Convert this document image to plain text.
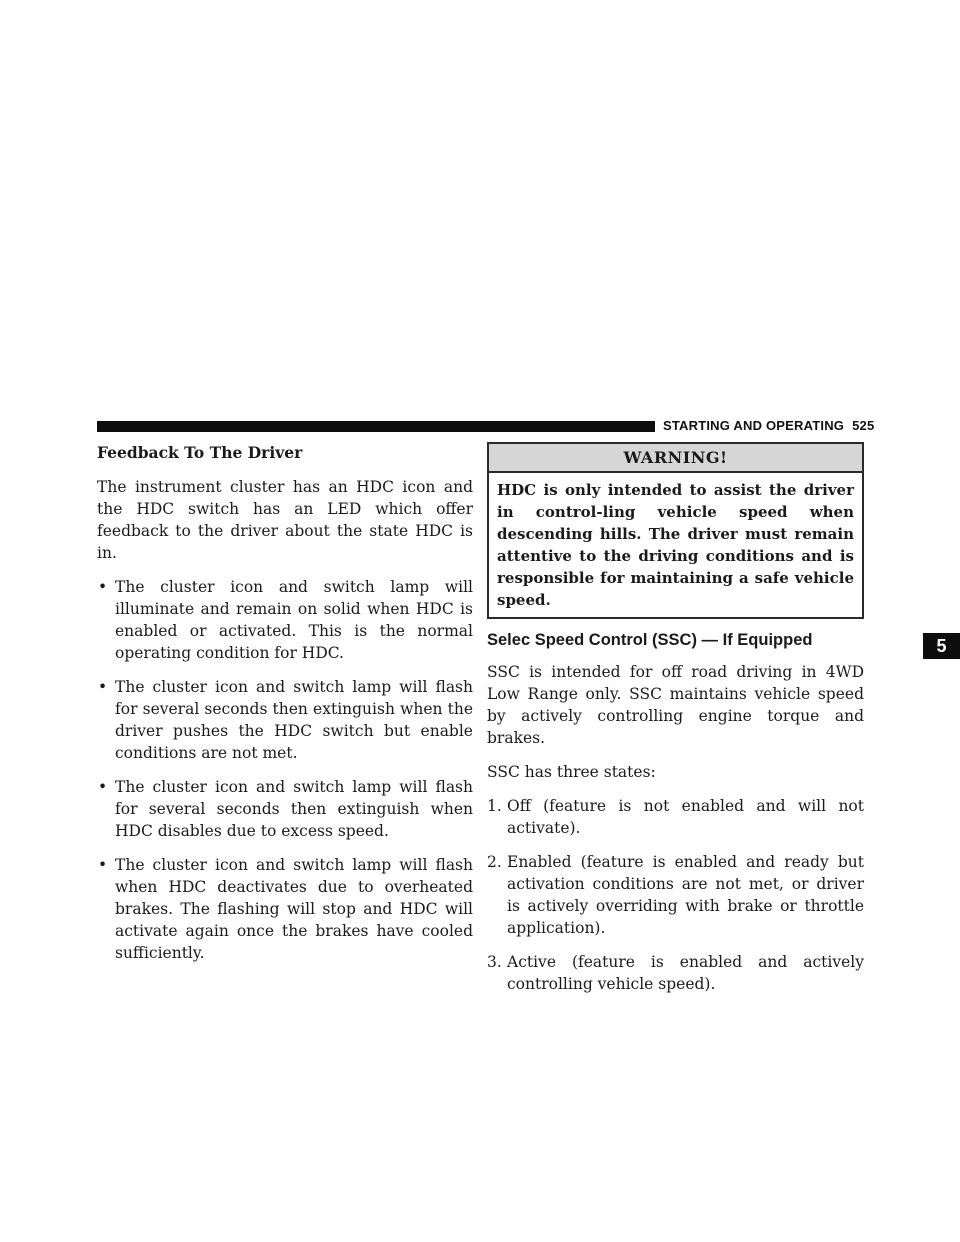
STARTING AND OPERATING 525
5
Feedback To The Driver

The instrument cluster has an HDC icon and the HDC switch has an LED which offer feedback to the driver about the state HDC is in.

• The cluster icon and switch lamp will illuminate and remain on solid when HDC is enabled or activated. This is the normal operating condition for HDC.
• The cluster icon and switch lamp will flash for several seconds then extinguish when the driver pushes the HDC switch but enable conditions are not met.
• The cluster icon and switch lamp will flash for several seconds then extinguish when HDC disables due to excess speed.
• The cluster icon and switch lamp will flash when HDC deactivates due to overheated brakes. The flashing will stop and HDC will activate again once the brakes have cooled sufficiently.
WARNING!
HDC is only intended to assist the driver in control-ling vehicle speed when descending hills. The driver must remain attentive to the driving conditions and is responsible for maintaining a safe vehicle speed.
Selec Speed Control (SSC) — If Equipped

SSC is intended for off road driving in 4WD Low Range only. SSC maintains vehicle speed by actively controlling engine torque and brakes.

SSC has three states:

1. Off (feature is not enabled and will not activate).
2. Enabled (feature is enabled and ready but activation conditions are not met, or driver is actively overriding with brake or throttle application).
3. Active (feature is enabled and actively controlling vehicle speed).
